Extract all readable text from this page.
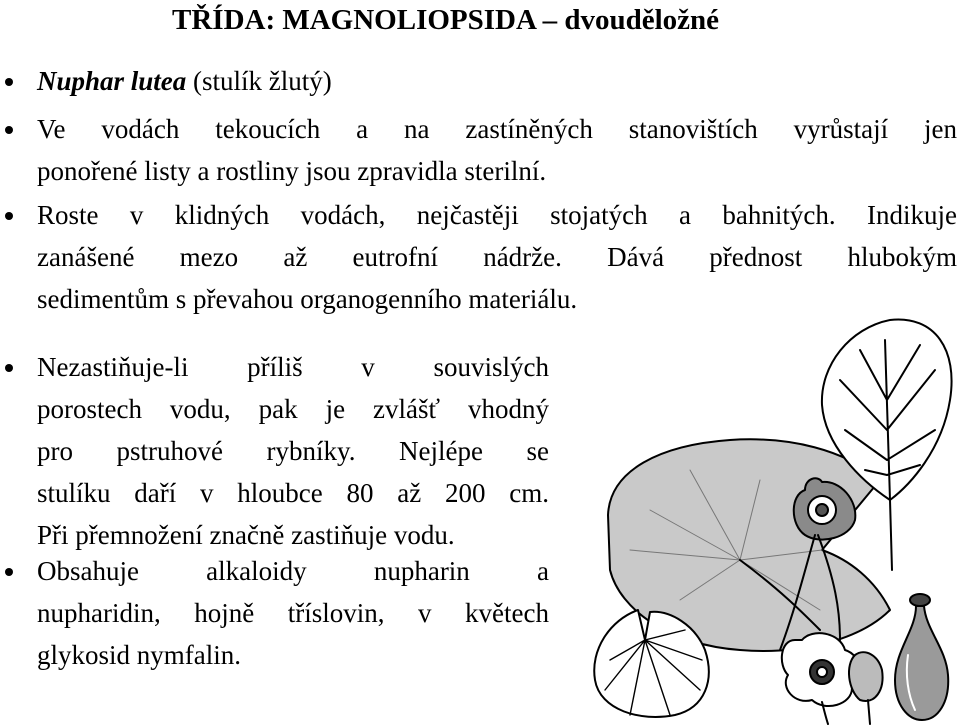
TŘÍDA: MAGNOLIOPSIDA – dvouděložné
Nuphar lutea (stulík žlutý)
Ve vodách tekoucích a na zastíněných stanovištích vyrůstají jen
ponořené listy a rostliny jsou zpravidla sterilní.
Roste v klidných vodách, nejčastěji stojatých a bahnitých. Indikuje
zanášené mezo až eutrofní nádrže. Dává přednost hlubokým
sedimentům s převahou organogenního materiálu.
Nezastiňuje-li příliš v souvislých
porostech vodu, pak je zvlášť vhodný
pro pstruhové rybníky. Nejlépe se
stulíku daří v hloubce 80 až 200 cm.
Při přemnožení značně zastiňuje vodu.
Obsahuje alkaloidy nupharin a
nupharidin, hojně tříslovin, v květech
glykosid nymfalin.
